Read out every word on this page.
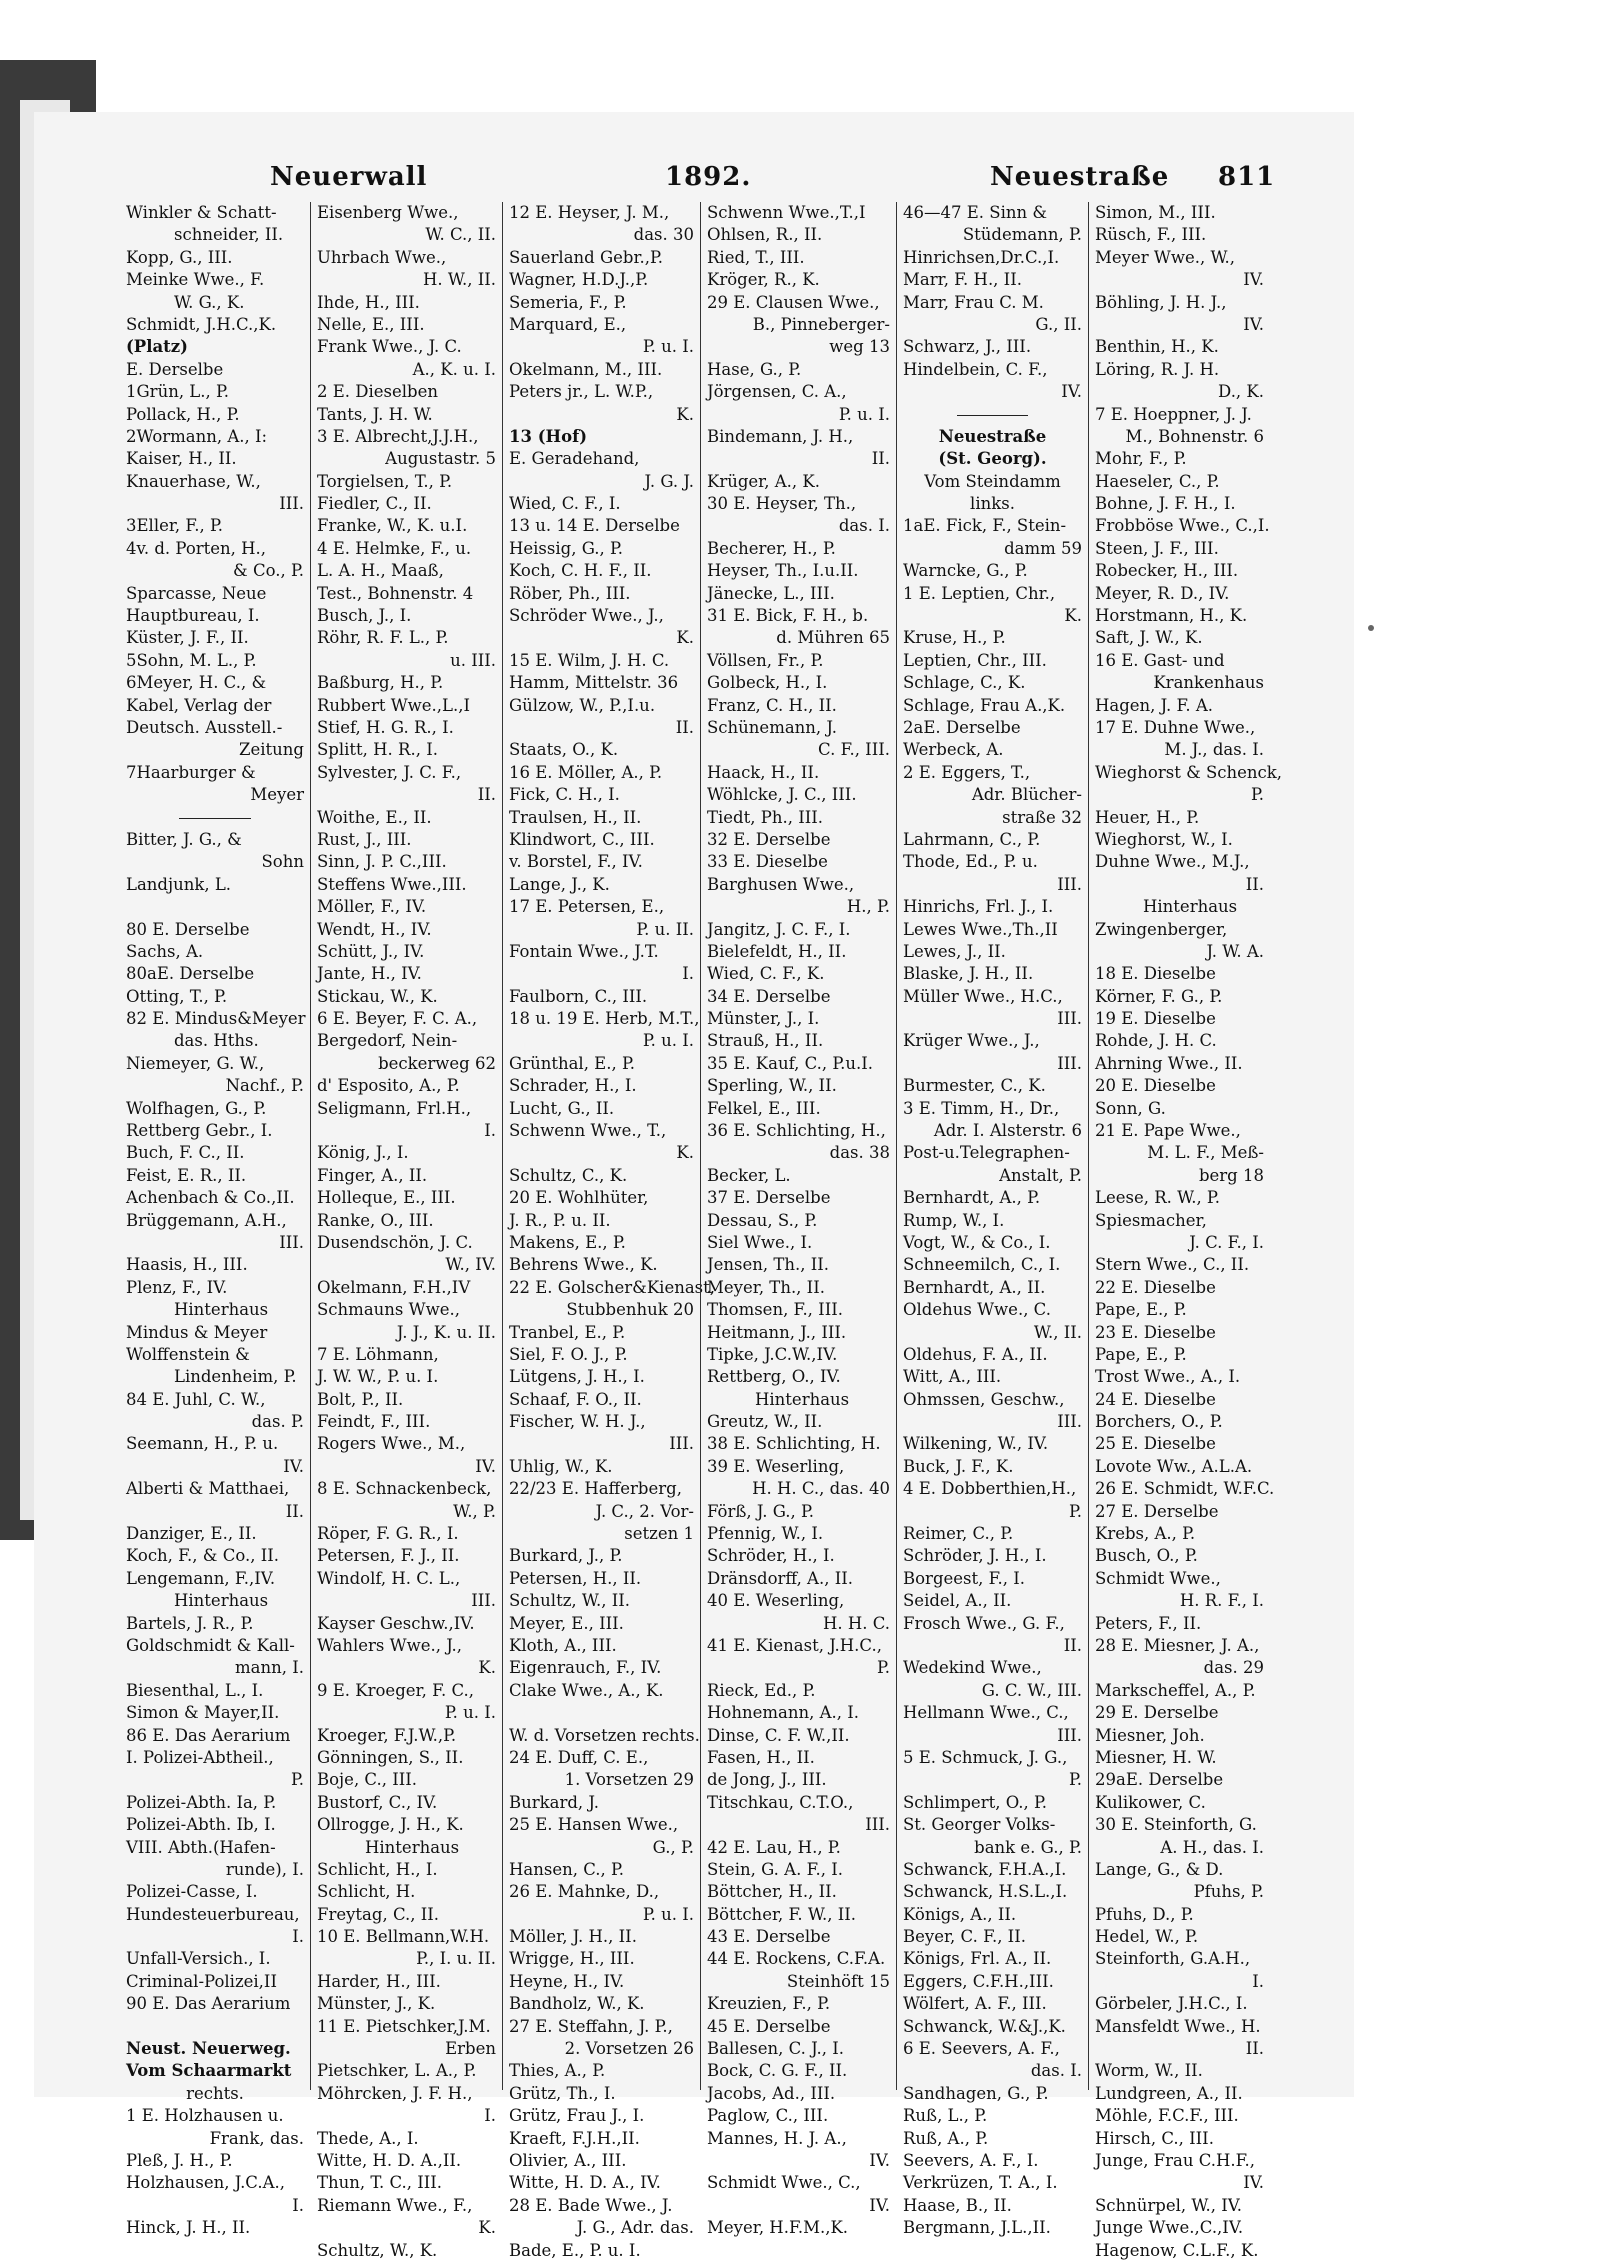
Neuerwall	1892.	Neuestraße 811
Winkler & Schatt-
schneider, II.
Kopp, G., III.
Meinke Wwe., F.
W. G., K.
Schmidt, J.H.C.,K.
(Platz)
E. Derselbe
1Grün, L., P.
Pollack, H., P.
2Wormann, A., I:
Kaiser, H., II.
Knauerhase, W.,
III.
3Eller, F., P.
4v. d. Porten, H.,
& Co., P.
Sparcasse, Neue
Hauptbureau, I.
Küster, J. F., II.
5Sohn, M. L., P.
6Meyer, H. C., &
Kabel, Verlag der
Deutsch. Ausstell.-
Zeitung
7Haarburger &
Meyer
Bitter, J. G., &
Sohn
Landjunk, L.
80 E. Derselbe
Sachs, A.
80aE. Derselbe
Otting, T., P.
82 E. Mindus&Meyer
das. Hths.
Niemeyer, G. W.,
Nachf., P.
Wolfhagen, G., P.
Rettberg Gebr., I.
Buch, F. C., II.
Feist, E. R., II.
Achenbach & Co.,II.
Brüggemann, A.H.,
III.
Haasis, H., III.
Plenz, F., IV.
Hinterhaus
Mindus & Meyer
Wolffenstein &
Lindenheim, P.
84 E. Juhl, C. W.,
das. P.
Seemann, H., P. u.
IV.
Alberti & Matthaei,
II.
Danziger, E., II.
Koch, F., & Co., II.
Lengemann, F.,IV.
Hinterhaus
Bartels, J. R., P.
Goldschmidt & Kall-
mann, I.
Biesenthal, L., I.
Simon & Mayer,II.
86 E. Das Aerarium
I. Polizei-Abtheil.,
P.
Polizei-Abth. Ia, P.
Polizei-Abth. Ib, I.
VIII. Abth.(Hafen-
runde), I.
Polizei-Casse, I.
Hundesteuerbureau,
I.
Unfall-Versich., I.
Criminal-Polizei,II
90 E. Das Aerarium
Neust. Neuerweg.
Vom Schaarmarkt
rechts.
1 E. Holzhausen u.
Frank, das.
Pleß, J. H., P.
Holzhausen, J.C.A.,
I.
Hinck, J. H., II.
Eisenberg Wwe.,
W. C., II.
Uhrbach Wwe.,
H. W., II.
Ihde, H., III.
Nelle, E., III.
Frank Wwe., J. C.
A., K. u. I.
2 E. Dieselben
Tants, J. H. W.
3 E. Albrecht,J.J.H.,
Augustastr. 5
Torgielsen, T., P.
Fiedler, C., II.
Franke, W., K. u.I.
4 E. Helmke, F., u.
L. A. H., Maaß,
Test., Bohnenstr. 4
Busch, J., I.
Röhr, R. F. L., P.
u. III.
Baßburg, H., P.
Rubbert Wwe.,L.,I
Stief, H. G. R., I.
Splitt, H. R., I.
Sylvester, J. C. F.,
II.
Woithe, E., II.
Rust, J., III.
Sinn, J. P. C.,III.
Steffens Wwe.,III.
Möller, F., IV.
Wendt, H., IV.
Schütt, J., IV.
Jante, H., IV.
Stickau, W., K.
6 E. Beyer, F. C. A.,
Bergedorf, Nein-
beckerweg 62
d' Esposito, A., P.
Seligmann, Frl.H.,
I.
König, J., I.
Finger, A., II.
Holleque, E., III.
Ranke, O., III.
Dusendschön, J. C.
W., IV.
Okelmann, F.H.,IV
Schmauns Wwe.,
J. J., K. u. II.
7 E. Löhmann,
J. W. W., P. u. I.
Bolt, P., II.
Feindt, F., III.
Rogers Wwe., M.,
IV.
8 E. Schnackenbeck,
W., P.
Röper, F. G. R., I.
Petersen, F. J., II.
Windolf, H. C. L.,
III.
Kayser Geschw.,IV.
Wahlers Wwe., J.,
K.
9 E. Kroeger, F. C.,
P. u. I.
Kroeger, F.J.W.,P.
Gönningen, S., II.
Boje, C., III.
Bustorf, C., IV.
Ollrogge, J. H., K.
Hinterhaus
Schlicht, H., I.
Schlicht, H.
Freytag, C., II.
10 E. Bellmann,W.H.
P., I. u. II.
Harder, H., III.
Münster, J., K.
11 E. Pietschker,J.M.
Erben
Pietschker, L. A., P.
Möhrcken, J. F. H.,
I.
Thede, A., I.
Witte, H. D. A.,II.
Thun, T. C., III.
Riemann Wwe., F.,
K.
Schultz, W., K.
12 E. Heyser, J. M.,
das. 30
Sauerland Gebr.,P.
Wagner, H.D.J.,P.
Semeria, F., P.
Marquard, E.,
P. u. I.
Okelmann, M., III.
Peters jr., L. W.P.,
K.
13 (Hof)
E. Geradehand,
J. G. J.
Wied, C. F., I.
13 u. 14 E. Derselbe
Heissig, G., P.
Koch, C. H. F., II.
Röber, Ph., III.
Schröder Wwe., J.,
K.
15 E. Wilm, J. H. C.
Hamm, Mittelstr. 36
Gülzow, W., P.,I.u.
II.
Staats, O., K.
16 E. Möller, A., P.
Fick, C. H., I.
Traulsen, H., II.
Klindwort, C., III.
v. Borstel, F., IV.
Lange, J., K.
17 E. Petersen, E.,
P. u. II.
Fontain Wwe., J.T.
I.
Faulborn, C., III.
18 u. 19 E. Herb, M.T.,
P. u. I.
Grünthal, E., P.
Schrader, H., I.
Lucht, G., II.
Schwenn Wwe., T.,
K.
Schultz, C., K.
20 E. Wohlhüter,
J. R., P. u. II.
Makens, E., P.
Behrens Wwe., K.
22 E. Golscher&Kienast,
Stubbenhuk 20
Tranbel, E., P.
Siel, F. O. J., P.
Lütgens, J. H., I.
Schaaf, F. O., II.
Fischer, W. H. J.,
III.
Uhlig, W., K.
22/23 E. Hafferberg,
J. C., 2. Vor-
setzen 1
Burkard, J., P.
Petersen, H., II.
Schultz, W., II.
Meyer, E., III.
Kloth, A., III.
Eigenrauch, F., IV.
Clake Wwe., A., K.
W. d. Vorsetzen rechts.
24 E. Duff, C. E.,
1. Vorsetzen 29
Burkard, J.
25 E. Hansen Wwe.,
G., P.
Hansen, C., P.
26 E. Mahnke, D.,
P. u. I.
Möller, J. H., II.
Wrigge, H., III.
Heyne, H., IV.
Bandholz, W., K.
27 E. Steffahn, J. P.,
2. Vorsetzen 26
Thies, A., P.
Grütz, Th., I.
Grütz, Frau J., I.
Kraeft, F.J.H.,II.
Olivier, A., III.
Witte, H. D. A., IV.
28 E. Bade Wwe., J.
J. G., Adr. das.
Bade, E., P. u. I.
Schwenn Wwe.,T.,I
Ohlsen, R., II.
Ried, T., III.
Kröger, R., K.
29 E. Clausen Wwe.,
B., Pinneberger-
weg 13
Hase, G., P.
Jörgensen, C. A.,
P. u. I.
Bindemann, J. H.,
II.
Krüger, A., K.
30 E. Heyser, Th.,
das. I.
Becherer, H., P.
Heyser, Th., I.u.II.
Jänecke, L., III.
31 E. Bick, F. H., b.
d. Mühren 65
Völlsen, Fr., P.
Golbeck, H., I.
Franz, C. H., II.
Schünemann, J.
C. F., III.
Haack, H., II.
Wöhlcke, J. C., III.
Tiedt, Ph., III.
32 E. Derselbe
33 E. Dieselbe
Barghusen Wwe.,
H., P.
Jangitz, J. C. F., I.
Bielefeldt, H., II.
Wied, C. F., K.
34 E. Derselbe
Münster, J., I.
Strauß, H., II.
35 E. Kauf, C., P.u.I.
Sperling, W., II.
Felkel, E., III.
36 E. Schlichting, H.,
das. 38
Becker, L.
37 E. Derselbe
Dessau, S., P.
Siel Wwe., I.
Jensen, Th., II.
Meyer, Th., II.
Thomsen, F., III.
Heitmann, J., III.
Tipke, J.C.W.,IV.
Rettberg, O., IV.
Hinterhaus
Greutz, W., II.
38 E. Schlichting, H.
39 E. Weserling,
H. H. C., das. 40
Förß, J. G., P.
Pfennig, W., I.
Schröder, H., I.
Dränsdorff, A., II.
40 E. Weserling,
H. H. C.
41 E. Kienast, J.H.C.,
P.
Rieck, Ed., P.
Hohnemann, A., I.
Dinse, C. F. W.,II.
Fasen, H., II.
de Jong, J., III.
Titschkau, C.T.O.,
III.
42 E. Lau, H., P.
Stein, G. A. F., I.
Böttcher, H., II.
Böttcher, F. W., II.
43 E. Derselbe
44 E. Rockens, C.F.A.
Steinhöft 15
Kreuzien, F., P.
45 E. Derselbe
Ballesen, C. J., I.
Bock, C. G. F., II.
Jacobs, Ad., III.
Paglow, C., III.
Mannes, H. J. A.,
IV.
Schmidt Wwe., C.,
IV.
Meyer, H.F.M.,K.
46—47 E. Sinn &
Stüdemann, P.
Hinrichsen,Dr.C.,I.
Marr, F. H., II.
Marr, Frau C. M.
G., II.
Schwarz, J., III.
Hindelbein, C. F.,
IV.
Neuestraße
(St. Georg).
Vom Steindamm
links.
1aE. Fick, F., Stein-
damm 59
Warncke, G., P.
1 E. Leptien, Chr.,
K.
Kruse, H., P.
Leptien, Chr., III.
Schlage, C., K.
Schlage, Frau A.,K.
2aE. Derselbe
Werbeck, A.
2 E. Eggers, T.,
Adr. Blücher-
straße 32
Lahrmann, C., P.
Thode, Ed., P. u.
III.
Hinrichs, Frl. J., I.
Lewes Wwe.,Th.,II
Lewes, J., II.
Blaske, J. H., II.
Müller Wwe., H.C.,
III.
Krüger Wwe., J.,
III.
Burmester, C., K.
3 E. Timm, H., Dr.,
Adr. I. Alsterstr. 6
Post-u.Telegraphen-
Anstalt, P.
Bernhardt, A., P.
Rump, W., I.
Vogt, W., & Co., I.
Schneemilch, C., I.
Bernhardt, A., II.
Oldehus Wwe., C.
W., II.
Oldehus, F. A., II.
Witt, A., III.
Ohmssen, Geschw.,
III.
Wilkening, W., IV.
Buck, J. F., K.
4 E. Dobberthien,H.,
P.
Reimer, C., P.
Schröder, J. H., I.
Borgeest, F., I.
Seidel, A., II.
Frosch Wwe., G. F.,
II.
Wedekind Wwe.,
G. C. W., III.
Hellmann Wwe., C.,
III.
5 E. Schmuck, J. G.,
P.
Schlimpert, O., P.
St. Georger Volks-
bank e. G., P.
Schwanck, F.H.A.,I.
Schwanck, H.S.L.,I.
Königs, A., II.
Beyer, C. F., II.
Königs, Frl. A., II.
Eggers, C.F.H.,III.
Wölfert, A. F., III.
Schwanck, W.&J.,K.
6 E. Seevers, A. F.,
das. I.
Sandhagen, G., P.
Ruß, L., P.
Ruß, A., P.
Seevers, A. F., I.
Verkrüzen, T. A., I.
Haase, B., II.
Bergmann, J.L.,II.
Simon, M., III.
Rüsch, F., III.
Meyer Wwe., W.,
IV.
Böhling, J. H. J.,
IV.
Benthin, H., K.
Löring, R. J. H.
D., K.
7 E. Hoeppner, J. J.
M., Bohnenstr. 6
Mohr, F., P.
Haeseler, C., P.
Bohne, J. F. H., I.
Frobböse Wwe., C.,I.
Steen, J. F., III.
Robecker, H., III.
Meyer, R. D., IV.
Horstmann, H., K.
Saft, J. W., K.
16 E. Gast- und
Krankenhaus
Hagen, J. F. A.
17 E. Duhne Wwe.,
M. J., das. I.
Wieghorst & Schenck,
P.
Heuer, H., P.
Wieghorst, W., I.
Duhne Wwe., M.J.,
II.
Hinterhaus
Zwingenberger,
J. W. A.
18 E. Dieselbe
Körner, F. G., P.
19 E. Dieselbe
Rohde, J. H. C.
Ahrning Wwe., II.
20 E. Dieselbe
Sonn, G.
21 E. Pape Wwe.,
M. L. F., Meß-
berg 18
Leese, R. W., P.
Spiesmacher,
J. C. F., I.
Stern Wwe., C., II.
22 E. Dieselbe
Pape, E., P.
23 E. Dieselbe
Pape, E., P.
Trost Wwe., A., I.
24 E. Dieselbe
Borchers, O., P.
25 E. Dieselbe
Lovote Ww., A.L.A.
26 E. Schmidt, W.F.C.
27 E. Derselbe
Krebs, A., P.
Busch, O., P.
Schmidt Wwe.,
H. R. F., I.
Peters, F., II.
28 E. Miesner, J. A.,
das. 29
Markscheffel, A., P.
29 E. Derselbe
Miesner, Joh.
Miesner, H. W.
29aE. Derselbe
Kulikower, C.
30 E. Steinforth, G.
A. H., das. I.
Lange, G., & D.
Pfuhs, P.
Pfuhs, D., P.
Hedel, W., P.
Steinforth, G.A.H.,
I.
Görbeler, J.H.C., I.
Mansfeldt Wwe., H.
II.
Worm, W., II.
Lundgreen, A., II.
Möhle, F.C.F., III.
Hirsch, C., III.
Junge, Frau C.H.F.,
IV.
Schnürpel, W., IV.
Junge Wwe.,C.,IV.
Hagenow, C.L.F., K.
